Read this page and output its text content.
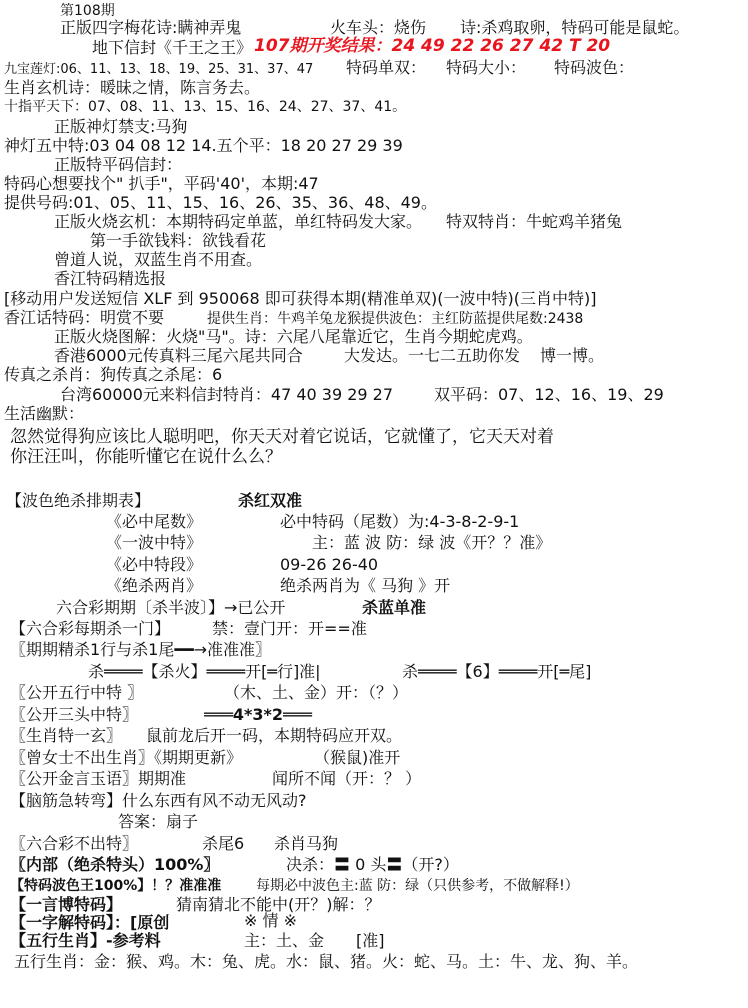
第108期
正版四字梅花诗:瞒神弄鬼	火车头：烧伤 诗:杀鸡取卵，特码可能是鼠蛇。
地下信封《千王之王》 107期开奖结果：24 49 22 26 27 42 T 20
九宝莲灯:06、11、13、18、19、25、31、37、47 特码单双： 特码大小： 特码波色：
生肖玄机诗：暖昧之情，陈言务去。
十指平天下：07、08、11、13、15、16、24、27、37、41。
正版神灯禁支:马狗
神灯五中特:03 04 08 12 14.五个平：18 20 27 29 39
正版特平码信封：
特码心想要找个" 扒手"，平码'40'，本期:47
提供号码:01、05、11、15、16、26、35、36、48、49。
正版火烧玄机：本期特码定单蓝，单红特码发大家。 特双特肖：牛蛇鸡羊猪兔
第一手欲钱料：欲钱看花
曾道人说，双蓝生肖不用查。
香江特码精选报
[移动用户发送短信 XLF 到 950068 即可获得本期(精准单双)(一波中特)(三肖中特)]
香江话特码：明赏不要	提供生肖：牛鸡羊兔龙猴提供波色：主红防蓝提供尾数:2438
正版火烧图解：火烧"马"。诗：六尾八尾靠近它，生肖今期蛇虎鸡。
香港6000元传真料三尾六尾共同合	大发达。一七二五助你发 博一博。
传真之杀肖：狗传真之杀尾：6
台湾60000元来料信封特肖：47 40 39 29 27	双平码：07、12、16、19、29
生活幽默：
忽然觉得狗应该比人聪明吧，你天天对着它说话，它就懂了，它天天对着
你汪汪叫，你能听懂它在说什么么？
【波色绝杀排期表】	杀红双准
《必中尾数》	必中特码（尾数）为:4-3-8-2-9-1
《一波中特》	主：蓝 波 防：绿 波《开？？准》
《必中特段》	09-26 26-40
《绝杀两肖》	绝杀两肖为《 马狗 》开
六合彩期期〔杀半波〕】→已公开	杀蓝单准
【六合彩每期杀一门】	禁：壹门开：开==准
〖期期精杀1行与杀1尾━━→准准准〗
杀════【杀火】════开[═行]准|	杀════【6】════开[═尾]
〖公开五行中特 〗	（木、土、金）开：（？）
〖公开三头中特〗	═══4*3*2═══
〖生肖特一玄〗 鼠前龙后开一码，本期特码应开双。
〖曾女士不出生肖〗《期期更新》	（猴鼠)准开
〖公开金言玉语〗期期准	闻所不闻（开：？ ）
【脑筋急转弯】什么东西有风不动无风动?
答案：扇子
〖六合彩不出特〗	杀尾6 杀肖马狗
〖内部（绝杀特头）100%〗	决杀：〓 0 头〓（开?）
【特码波色王100%】！？准准准 每期必中波色主:蓝 防：绿（只供参考，不做解释!）
【一言博特码】	猜南猜北不能中(开？)解：？
【一字解特码】：[原创	※ 情 ※
【五行生肖】-参考料	主：土、金 [准]
五行生肖：金：猴、鸡。木：兔、虎。水：鼠、猪。火：蛇、马。土：牛、龙、狗、羊。
